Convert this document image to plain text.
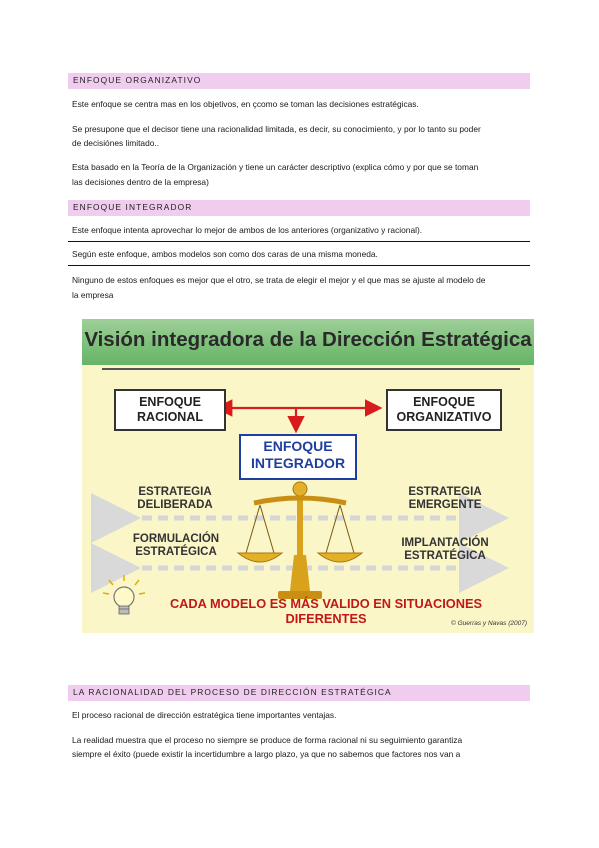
ENFOQUE ORGANIZATIVO
Este enfoque se centra mas en los objetivos, en çcomo se toman las decisiones estratégicas.
Se presupone que el decisor tiene una racionalidad limitada, es decir, su conocimiento, y por lo tanto su poder
de decisiónes limitado..
Esta basado en la Teoría de la Organización y tiene un carácter descriptivo (explica cómo y por que se toman
las decisiones dentro de la empresa)
ENFOQUE INTEGRADOR
Este enfoque intenta aprovechar lo mejor de ambos de los anteriores (organizativo y racional).
Según este enfoque, ambos modelos son como dos caras de una misma moneda.
Ninguno de estos enfoques es mejor que el otro, se trata de elegir el mejor y el que mas se ajuste al modelo de
la empresa
Visión integradora de la Dirección Estratégica
ENFOQUE
RACIONAL
ENFOQUE
ORGANIZATIVO
ENFOQUE
INTEGRADOR
ESTRATEGIA
DELIBERADA
ESTRATEGIA
EMERGENTE
FORMULACIÓN
ESTRATÉGICA
IMPLANTACIÓN
ESTRATÉGICA
CADA MODELO ES MÁS VALIDO EN SITUACIONES DIFERENTES	© Guerras y Navas (2007)
LA RACIONALIDAD DEL PROCESO DE DIRECCIÓN ESTRATÉGICA
El proceso racional de dirección estratégica tiene importantes ventajas.
La realidad muestra que el proceso no siempre se produce de forma racional ni su seguimiento garantiza
siempre el éxito (puede existir la incertidumbre a largo plazo, ya que no sabemos que factores nos van a
